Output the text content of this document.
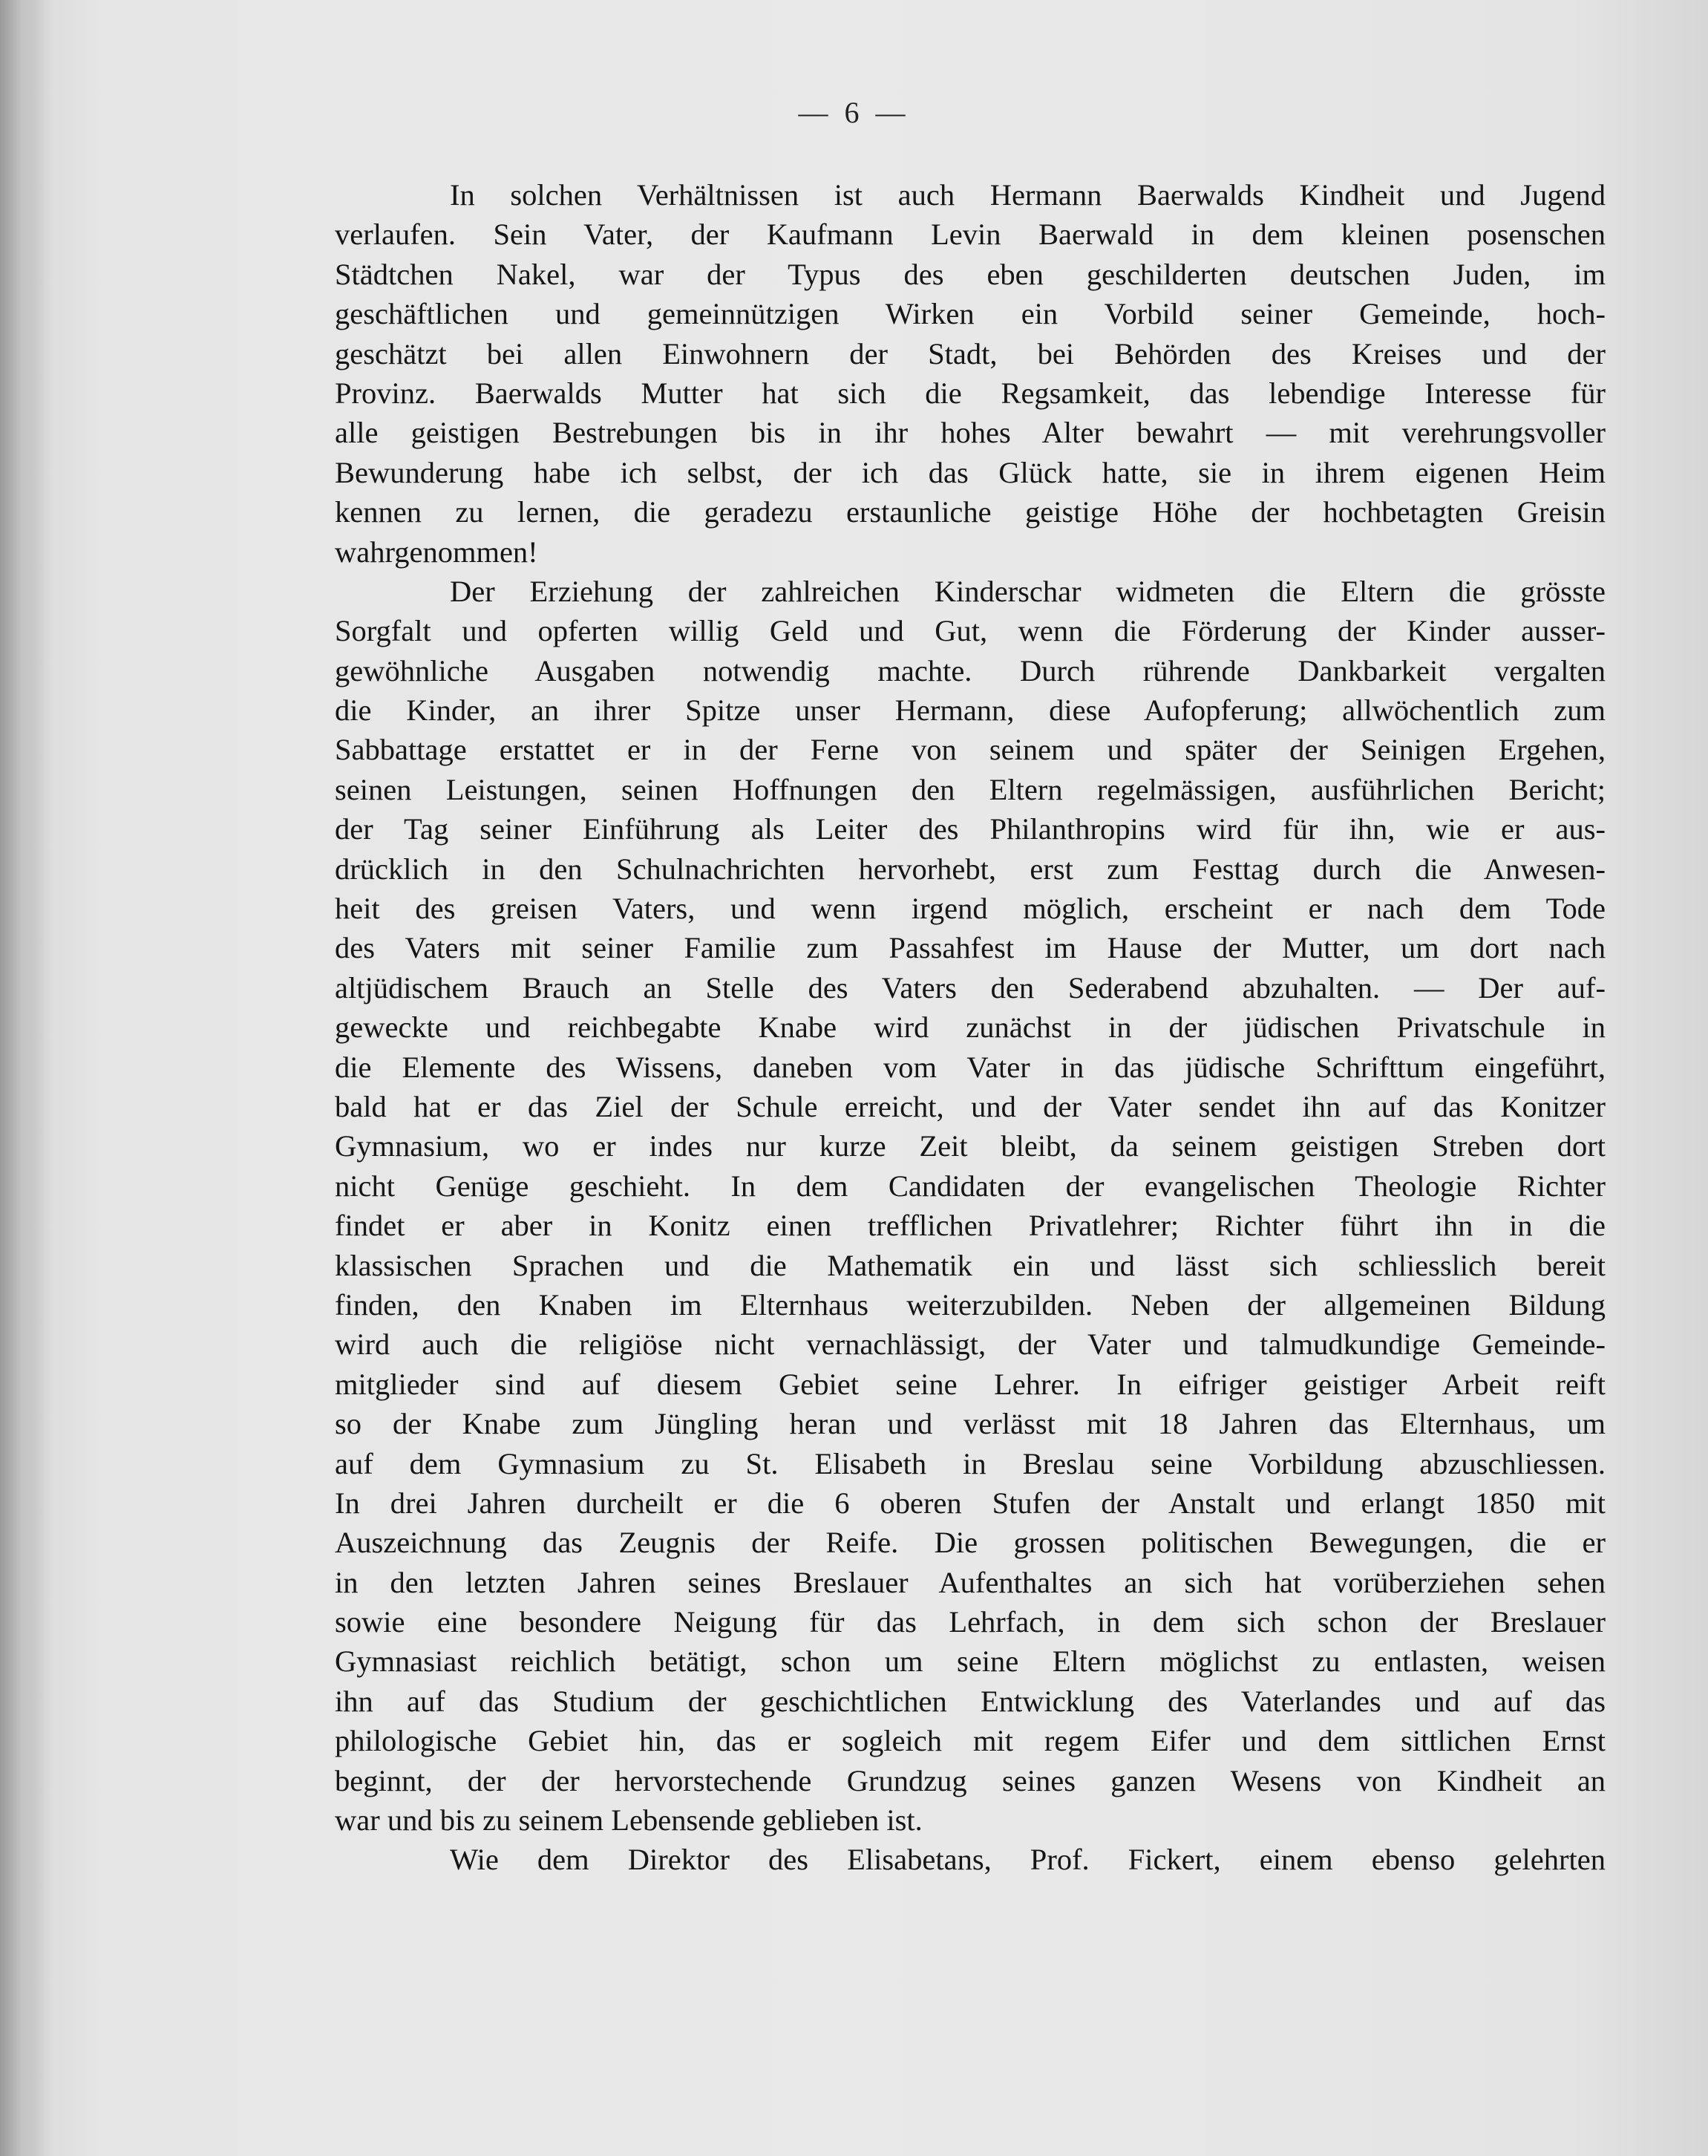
— 6 —
In solchen Verhältnissen ist auch Hermann Baerwalds Kindheit und Jugend
verlaufen. Sein Vater, der Kaufmann Levin Baerwald in dem kleinen posenschen
Städtchen Nakel, war der Typus des eben geschilderten deutschen Juden, im
geschäftlichen und gemeinnützigen Wirken ein Vorbild seiner Gemeinde, hoch-
geschätzt bei allen Einwohnern der Stadt, bei Behörden des Kreises und der
Provinz. Baerwalds Mutter hat sich die Regsamkeit, das lebendige Interesse für
alle geistigen Bestrebungen bis in ihr hohes Alter bewahrt — mit verehrungsvoller
Bewunderung habe ich selbst, der ich das Glück hatte, sie in ihrem eigenen Heim
kennen zu lernen, die geradezu erstaunliche geistige Höhe der hochbetagten Greisin
wahrgenommen!
Der Erziehung der zahlreichen Kinderschar widmeten die Eltern die grösste
Sorgfalt und opferten willig Geld und Gut, wenn die Förderung der Kinder ausser-
gewöhnliche Ausgaben notwendig machte. Durch rührende Dankbarkeit vergalten
die Kinder, an ihrer Spitze unser Hermann, diese Aufopferung; allwöchentlich zum
Sabbattage erstattet er in der Ferne von seinem und später der Seinigen Ergehen,
seinen Leistungen, seinen Hoffnungen den Eltern regelmässigen, ausführlichen Bericht;
der Tag seiner Einführung als Leiter des Philanthropins wird für ihn, wie er aus-
drücklich in den Schulnachrichten hervorhebt, erst zum Festtag durch die Anwesen-
heit des greisen Vaters, und wenn irgend möglich, erscheint er nach dem Tode
des Vaters mit seiner Familie zum Passahfest im Hause der Mutter, um dort nach
altjüdischem Brauch an Stelle des Vaters den Sederabend abzuhalten. — Der auf-
geweckte und reichbegabte Knabe wird zunächst in der jüdischen Privatschule in
die Elemente des Wissens, daneben vom Vater in das jüdische Schrifttum eingeführt,
bald hat er das Ziel der Schule erreicht, und der Vater sendet ihn auf das Konitzer
Gymnasium, wo er indes nur kurze Zeit bleibt, da seinem geistigen Streben dort
nicht Genüge geschieht. In dem Candidaten der evangelischen Theologie Richter
findet er aber in Konitz einen trefflichen Privatlehrer; Richter führt ihn in die
klassischen Sprachen und die Mathematik ein und lässt sich schliesslich bereit
finden, den Knaben im Elternhaus weiterzubilden. Neben der allgemeinen Bildung
wird auch die religiöse nicht vernachlässigt, der Vater und talmudkundige Gemeinde-
mitglieder sind auf diesem Gebiet seine Lehrer. In eifriger geistiger Arbeit reift
so der Knabe zum Jüngling heran und verlässt mit 18 Jahren das Elternhaus, um
auf dem Gymnasium zu St. Elisabeth in Breslau seine Vorbildung abzuschliessen.
In drei Jahren durcheilt er die 6 oberen Stufen der Anstalt und erlangt 1850 mit
Auszeichnung das Zeugnis der Reife. Die grossen politischen Bewegungen, die er
in den letzten Jahren seines Breslauer Aufenthaltes an sich hat vorüberziehen sehen
sowie eine besondere Neigung für das Lehrfach, in dem sich schon der Breslauer
Gymnasiast reichlich betätigt, schon um seine Eltern möglichst zu entlasten, weisen
ihn auf das Studium der geschichtlichen Entwicklung des Vaterlandes und auf das
philologische Gebiet hin, das er sogleich mit regem Eifer und dem sittlichen Ernst
beginnt, der der hervorstechende Grundzug seines ganzen Wesens von Kindheit an
war und bis zu seinem Lebensende geblieben ist.
Wie dem Direktor des Elisabetans, Prof. Fickert, einem ebenso gelehrten
